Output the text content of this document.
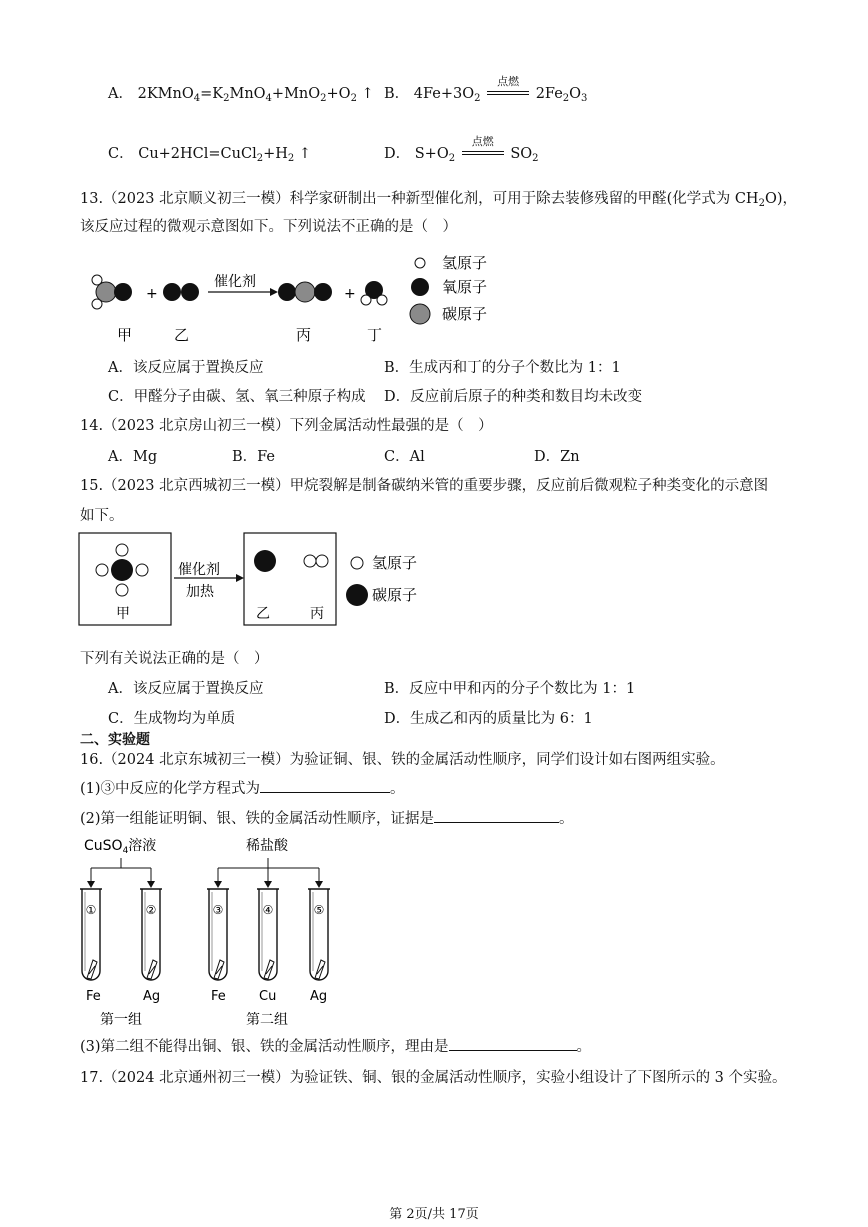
A． $2KMnO_4=K_2MnO_4+MnO_2+O_2$ ↑ B． $4Fe+3O_2$
点燃
$2Fe_2O_3$
C． $Cu+2HCl=CuCl_2+H_2$ ↑	D． $S+O_2$
点燃
$SO_2$
13.（2023 北京顺义初三一模）科学家研制出一种新型催化剂，可用于除去装修残留的甲醛(化学式为 $CH_2O$)，
该反应过程的微观示意图如下。下列说法不正确的是（　）
+
催化剂
+
甲	乙	丙	丁
氢原子
氧原子
碳原子
A．该反应属于置换反应	B．生成丙和丁的分子个数比为 1：1
C．甲醛分子由碳、氢、氧三种原子构成 D．反应前后原子的种类和数目均未改变
14.（2023 北京房山初三一模）下列金属活动性最强的是（　）
A．Mg	B．Fe	C．Al	D．Zn
15.（2023 北京西城初三一模）甲烷裂解是制备碳纳米管的重要步骤，反应前后微观粒子种类变化的示意图
如下。
甲
催化剂
加热
乙	丙
氢原子
碳原子
下列有关说法正确的是（　）
A．该反应属于置换反应	B．反应中甲和丙的分子个数比为 1：1
C．生成物均为单质	D．生成乙和丙的质量比为 6：1
二、实验题
16.（2024 北京东城初三一模）为验证铜、银、铁的金属活动性顺序，同学们设计如右图两组实验。
(1)③中反应的化学方程式为	。
(2)第一组能证明铜、银、铁的金属活动性顺序，证据是	。
CuSO$_4$溶液	稀盐酸
①	②	③	④	⑤
Fe	Ag	Fe	Cu	Ag
第一组	第二组
(3)第二组不能得出铜、银、铁的金属活动性顺序，理由是	。
17.（2024 北京通州初三一模）为验证铁、铜、银的金属活动性顺序，实验小组设计了下图所示的 3 个实验。
第 2页/共 17页
